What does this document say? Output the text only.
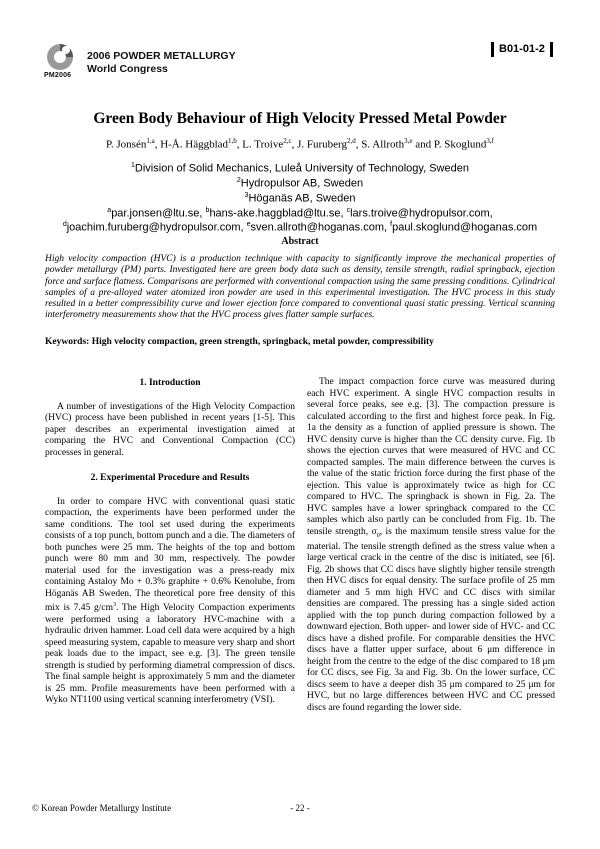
PM2006
2006 POWDER METALLURGY
World Congress
B01-01-2
Green Body Behaviour of High Velocity Pressed Metal Powder
P. Jonsén$^{1,a}$, H-Å. Häggblad$^{1,b}$, L. Troive$^{2,c}$, J. Furuberg$^{2,d}$, S. Allroth$^{3,e}$ and P. Skoglund$^{3,f}$
$^1$Division of Solid Mechanics, Luleå University of Technology, Sweden
$^2$Hydropulsor AB, Sweden
$^3$Höganäs AB, Sweden
$^a$par.jonsen@ltu.se, $^b$hans-ake.haggblad@ltu.se, $^c$lars.troive@hydropulsor.com,
$^d$joachim.furuberg@hydropulsor.com, $^e$sven.allroth@hoganas.com, $^f$paul.skoglund@hoganas.com
Abstract
High velocity compaction (HVC) is a production technique with capacity to significantly improve the mechanical properties of powder metallurgy (PM) parts. Investigated here are green body data such as density, tensile strength, radial springback, ejection force and surface flatness. Comparisons are performed with conventional compaction using the same pressing conditions. Cylindrical samples of a pre-alloyed water atomized iron powder are used in this experimental investigation. The HVC process in this study resulted in a better compressibility curve and lower ejection force compared to conventional quasi static pressing. Vertical scanning interferometry measurements show that the HVC process gives flatter sample surfaces.
Keywords: High velocity compaction, green strength, springback, metal powder, compressibility
1. Introduction

A number of investigations of the High Velocity Compaction (HVC) process have been published in recent years [1-5]. This paper describes an experimental investigation aimed at comparing the HVC and Conventional Compaction (CC) processes in general.

2. Experimental Procedure and Results

In order to compare HVC with conventional quasi static compaction, the experiments have been performed under the same conditions. The tool set used during the experiments consists of a top punch, bottom punch and a die. The diameters of both punches were 25 mm. The heights of the top and bottom punch were 80 mm and 30 mm, respectively. The powder material used for the investigation was a press-ready mix containing Astaloy Mo + 0.3% graphite + 0.6% Kenolube, from Höganäs AB Sweden. The theoretical pore free density of this mix is 7.45 $g/cm^3$. The High Velocity Compaction experiments were performed using a laboratory HVC-machine with a hydraulic driven hammer. Load cell data were acquired by a high speed measuring system, capable to measure very sharp and short peak loads due to the impact, see e.g. [3]. The green tensile strength is studied by performing diametral compression of discs. The final sample height is approximately 5 mm and the diameter is 25 mm. Profile measurements have been performed with a Wyko NT1100 using vertical scanning interferometry (VSI).

The impact compaction force curve was measured during each HVC experiment. A single HVC compaction results in several force peaks, see e.g. [3]. The compaction pressure is calculated according to the first and highest force peak. In Fig. 1a the density as a function of applied pressure is shown. The HVC density curve is higher than the CC density curve. Fig. 1b shows the ejection curves that were measured of HVC and CC compacted samples. The main difference between the curves is the value of the static friction force during the first phase of the ejection. This value is approximately twice as high for CC compared to HVC. The springback is shown in Fig. 2a. The HVC samples have a lower springback compared to the CC samples which also partly can be concluded from Fig. 1b. The tensile strength, $\sigma_0$, is the maximum tensile stress value for the material. The tensile strength defined as the stress value when a large vertical crack in the centre of the disc is initiated, see [6]. Fig. 2b shows that CC discs have slightly higher tensile strength then HVC discs for equal density. The surface profile of 25 mm diameter and 5 mm high HVC and CC discs with similar densities are compared. The pressing has a single sided action applied with the top punch during compaction followed by a downward ejection. Both upper- and lower side of HVC- and CC discs have a dished profile. For comparable densities the HVC discs have a flatter upper surface, about 6 μm difference in height from the centre to the edge of the disc compared to 18 μm for CC discs, see Fig. 3a and Fig. 3b. On the lower surface, CC discs seem to have a deeper dish 35 μm compared to 25 μm for HVC, but no large differences between HVC and CC pressed discs are found regarding the lower side.

© Korean Powder Metallurgy Institute	- 22 -
